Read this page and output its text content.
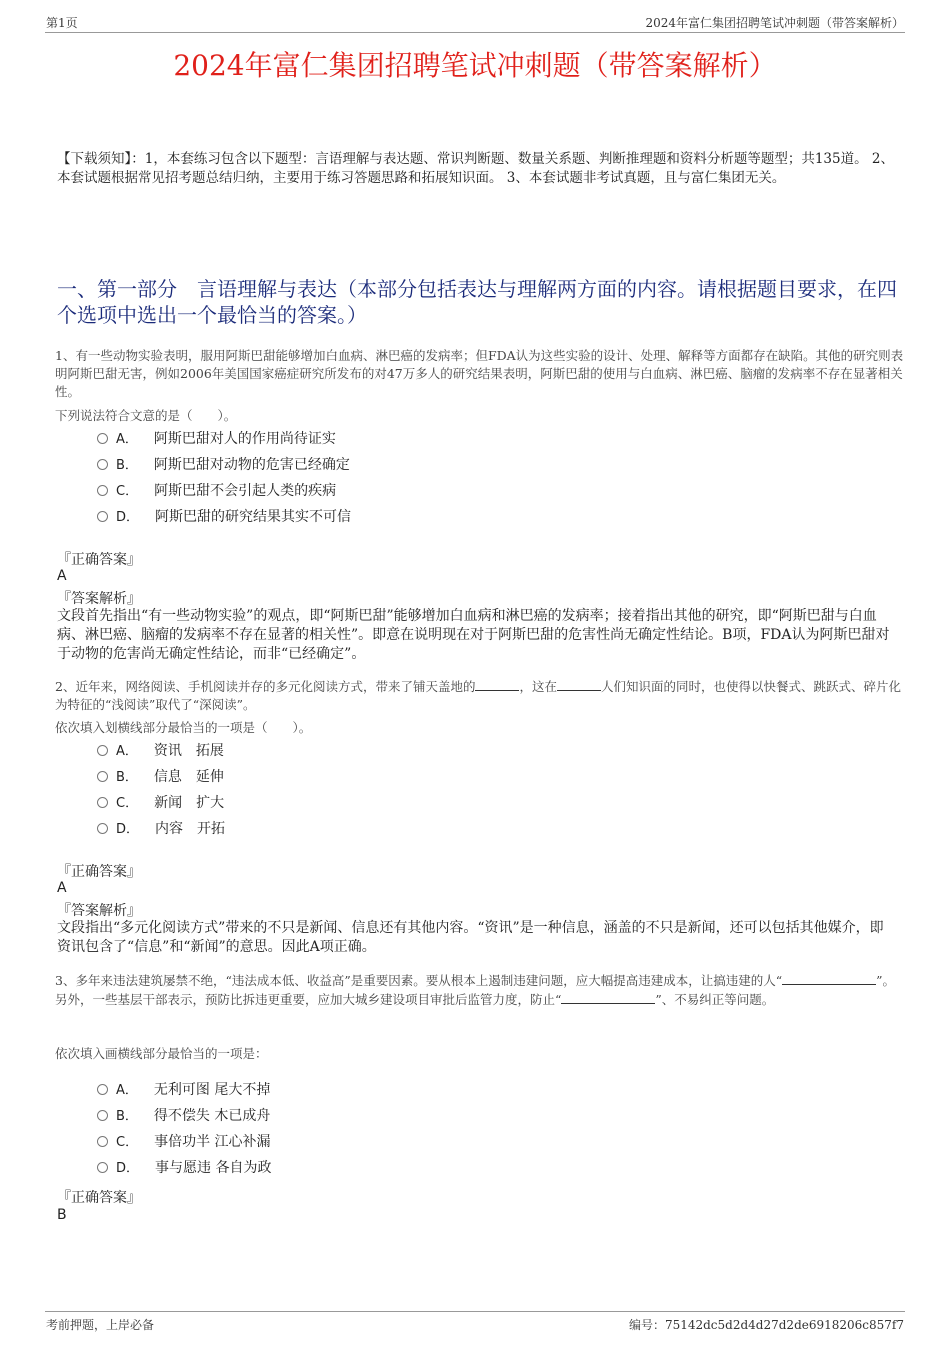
第1页	2024年富仁集团招聘笔试冲刺题（带答案解析）
2024年富仁集团招聘笔试冲刺题（带答案解析）
【下载须知】：1，本套练习包含以下题型：言语理解与表达题、常识判断题、数量关系题、判断推理题和资料分析题等题型；共135道。 2、本套试题根据常见招考题总结归纳，主要用于练习答题思路和拓展知识面。 3、本套试题非考试真题，且与富仁集团无关。
一、第一部分　言语理解与表达（本部分包括表达与理解两方面的内容。请根据题目要求，在四个选项中选出一个最恰当的答案。）
1、有一些动物实验表明，服用阿斯巴甜能够增加白血病、淋巴癌的发病率；但FDA认为这些实验的设计、处理、解释等方面都存在缺陷。其他的研究则表明阿斯巴甜无害，例如2006年美国国家癌症研究所发布的对47万多人的研究结果表明，阿斯巴甜的使用与白血病、淋巴癌、脑瘤的发病率不存在显著相关性。
下列说法符合文意的是（　　）。
A． 阿斯巴甜对人的作用尚待证实
B． 阿斯巴甜对动物的危害已经确定
C． 阿斯巴甜不会引起人类的疾病
D． 阿斯巴甜的研究结果其实不可信
『正确答案』
A
『答案解析』
文段首先指出“有一些动物实验”的观点，即“阿斯巴甜”能够增加白血病和淋巴癌的发病率；接着指出其他的研究，即“阿斯巴甜与白血病、淋巴癌、脑瘤的发病率不存在显著的相关性”。即意在说明现在对于阿斯巴甜的危害性尚无确定性结论。B项，FDA认为阿斯巴甜对于动物的危害尚无确定性结论，而非“已经确定”。
2、近年来，网络阅读、手机阅读并存的多元化阅读方式，带来了铺天盖地的	，这在	人们知识面的同时，也使得以快餐式、跳跃式、碎片化为特征的“浅阅读”取代了“深阅读”。
依次填入划横线部分最恰当的一项是（　　）。
A． 资讯　拓展
B． 信息　延伸
C． 新闻　扩大
D． 内容　开拓
『正确答案』
A
『答案解析』
文段指出“多元化阅读方式”带来的不只是新闻、信息还有其他内容。“资讯”是一种信息，涵盖的不只是新闻，还可以包括其他媒介，即资讯包含了“信息”和“新闻”的意思。因此A项正确。
3、多年来违法建筑屡禁不绝，“违法成本低、收益高”是重要因素。要从根本上遏制违建问题，应大幅提高违建成本，让搞违建的人“	”。另外，一些基层干部表示，预防比拆违更重要，应加大城乡建设项目审批后监管力度，防止“	”、不易纠正等问题。
依次填入画横线部分最恰当的一项是：
A． 无利可图 尾大不掉
B． 得不偿失 木已成舟
C． 事倍功半 江心补漏
D． 事与愿违 各自为政
『正确答案』
B
考前押题，上岸必备	编号：75142dc5d2d4d27d2de6918206c857f7
